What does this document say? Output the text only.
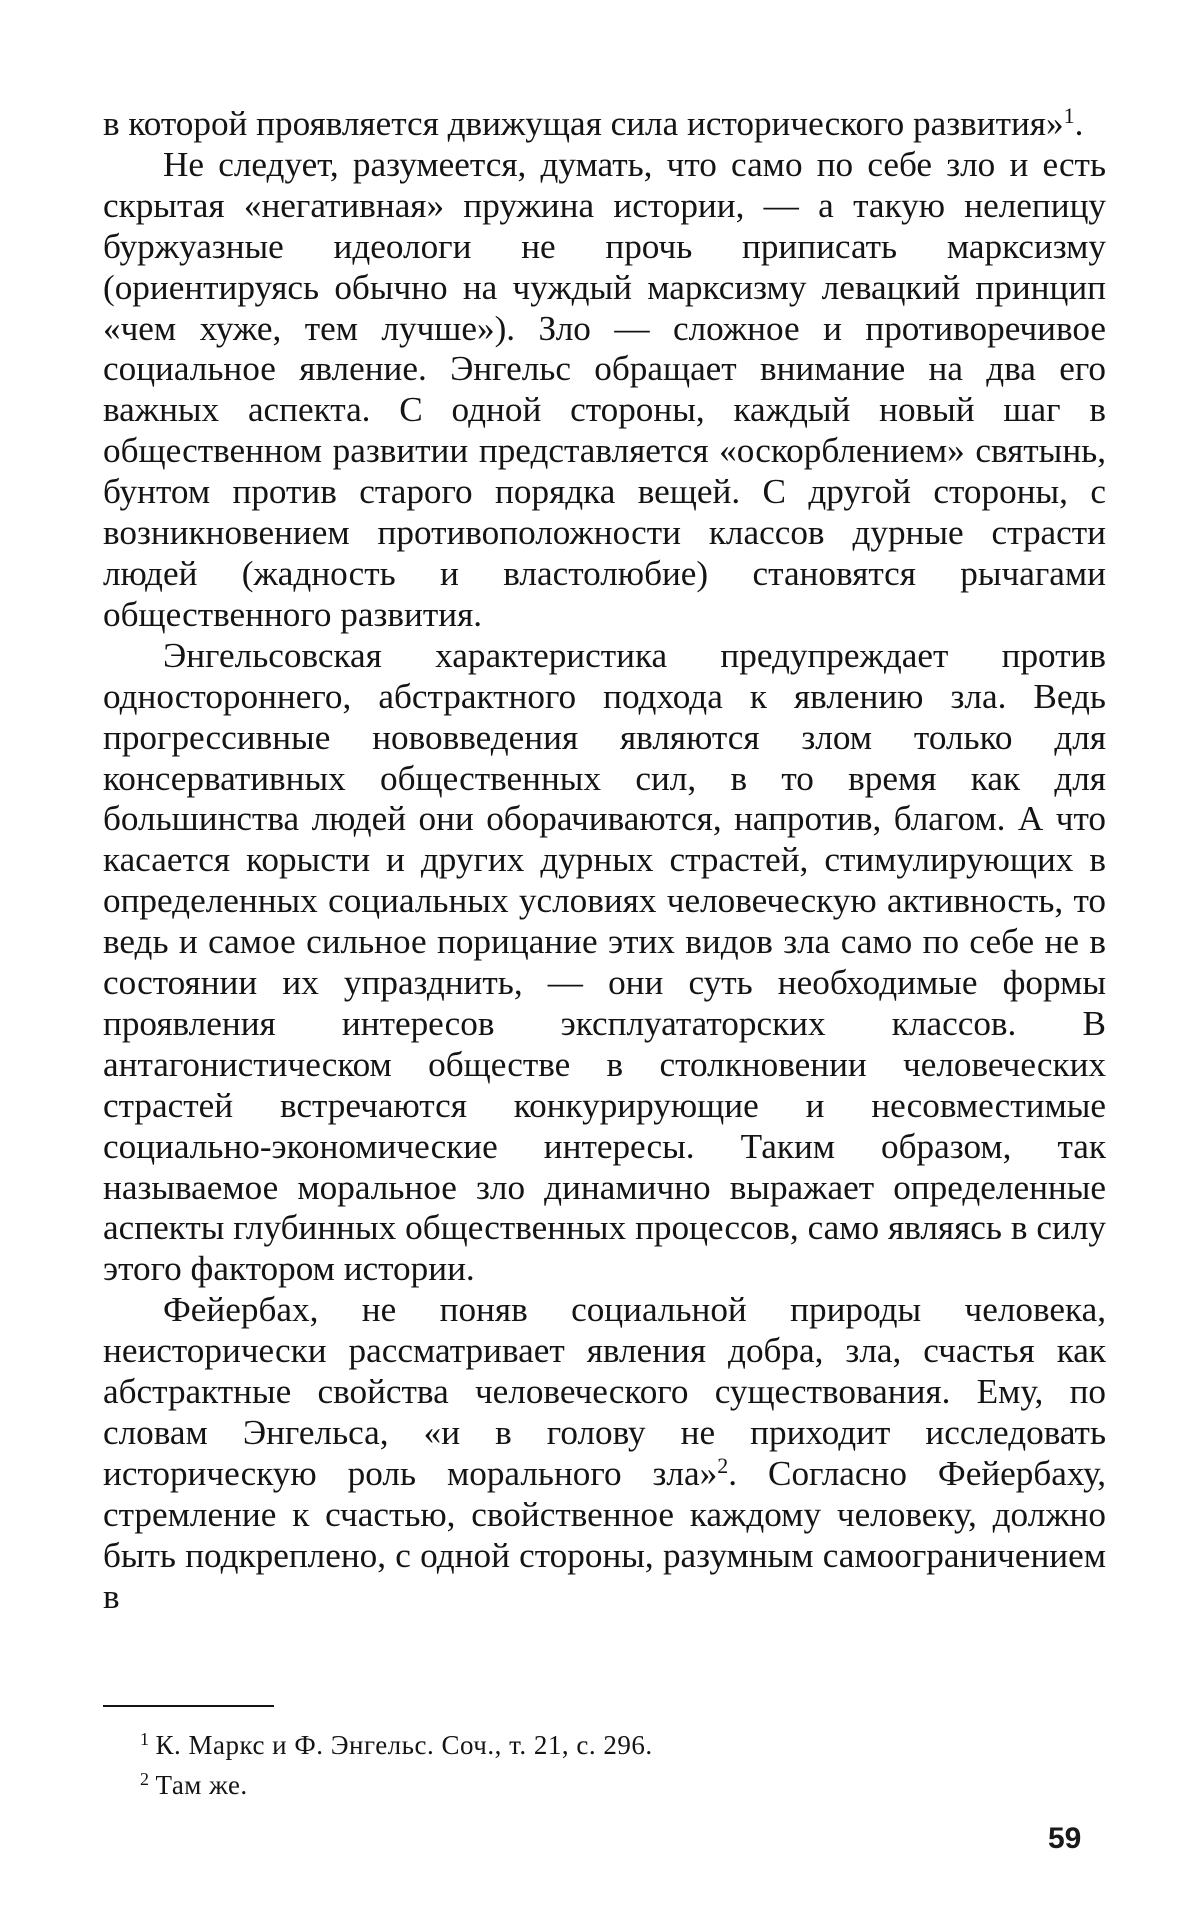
в которой проявляется движущая сила исторического развития»$^1$.

Не следует, разумеется, думать, что само по себе зло и есть скрытая «негативная» пружина истории, — а такую нелепицу буржуазные идеологи не прочь приписать марксизму (ориентируясь обычно на чуждый марксизму левацкий принцип «чем хуже, тем лучше»). Зло — сложное и противоречивое социальное явление. Энгельс обращает внимание на два его важных аспекта. С одной стороны, каждый новый шаг в общественном развитии представляется «оскорблением» святынь, бунтом против старого порядка вещей. С другой стороны, с возникновением противоположности классов дурные страсти людей (жадность и властолюбие) становятся рычагами общественного развития.

Энгельсовская характеристика предупреждает против одностороннего, абстрактного подхода к явлению зла. Ведь прогрессивные нововведения являются злом только для консервативных общественных сил, в то время как для большинства людей они оборачиваются, напротив, благом. А что касается корысти и других дурных страстей, стимулирующих в определенных социальных условиях человеческую активность, то ведь и самое сильное порицание этих видов зла само по себе не в состоянии их упразднить, — они суть необходимые формы проявления интересов эксплуататорских классов. В антагонистическом обществе в столкновении человеческих страстей встречаются конкурирующие и несовместимые социально-экономические интересы. Таким образом, так называемое моральное зло динамично выражает определенные аспекты глубинных общественных процессов, само являясь в силу этого фактором истории.

Фейербах, не поняв социальной природы человека, неисторически рассматривает явления добра, зла, счастья как абстрактные свойства человеческого существования. Ему, по словам Энгельса, «и в голову не приходит исследовать историческую роль морального зла»$^2$. Согласно Фейербаху, стремление к счастью, свойственное каждому человеку, должно быть подкреплено, с одной стороны, разумным самоограничением в

$^1$ К. Маркс и Ф. Энгельс. Соч., т. 21, с. 296.

$^2$ Там же.

59
